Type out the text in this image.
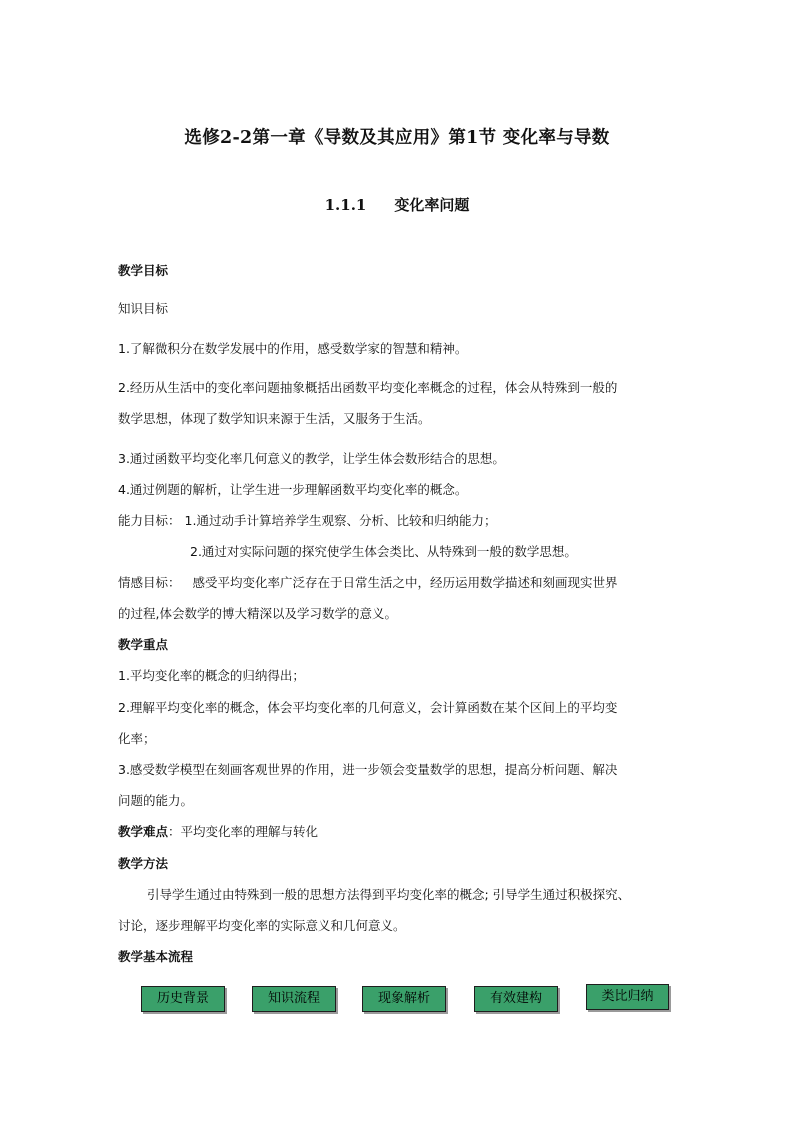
选修2-2第一章《导数及其应用》第1节 变化率与导数
1.1.1 变化率问题
教学目标
知识目标
1.了解微积分在数学发展中的作用，感受数学家的智慧和精神。
2.经历从生活中的变化率问题抽象概括出函数平均变化率概念的过程，体会从特殊到一般的
数学思想，体现了数学知识来源于生活，又服务于生活。
3.通过函数平均变化率几何意义的教学，让学生体会数形结合的思想。
4.通过例题的解析，让学生进一步理解函数平均变化率的概念。
能力目标： 1.通过动手计算培养学生观察、分析、比较和归纳能力；
2.通过对实际问题的探究使学生体会类比、从特殊到一般的数学思想。
情感目标： 感受平均变化率广泛存在于日常生活之中，经历运用数学描述和刻画现实世界
的过程,体会数学的博大精深以及学习数学的意义。
教学重点
1.平均变化率的概念的归纳得出；
2.理解平均变化率的概念，体会平均变化率的几何意义，会计算函数在某个区间上的平均变
化率；
3.感受数学模型在刻画客观世界的作用，进一步领会变量数学的思想，提高分析问题、解决
问题的能力。
教学难点：平均变化率的理解与转化
教学方法
引导学生通过由特殊到一般的思想方法得到平均变化率的概念; 引导学生通过积极探究、
讨论，逐步理解平均变化率的实际意义和几何意义。
教学基本流程
历史背景	知识流程	现象解析	有效建构	类比归纳
